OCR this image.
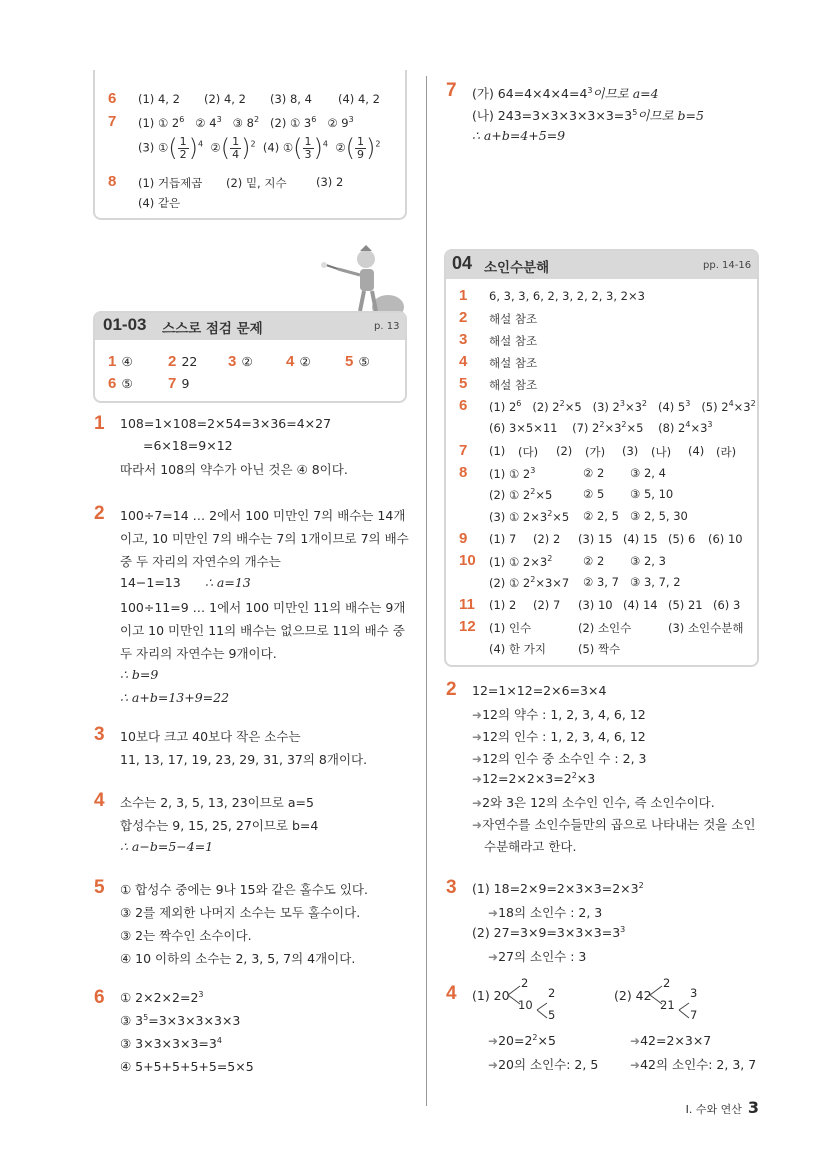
6 (1) 4, 2 (2) 4, 2 (3) 8, 4 (4) 4, 2
7 (1) ① $2^6$ ② $4^3$ ③ $8^2$ (2) ① $3^6$ ② $9^3$
(3) ①( $\frac{1}{2} )^4$ ②( $\frac{1}{4} )^2$ (4) ①( $\frac{1}{3} )^4$ ②( $\frac{1}{9} )^2$
8 (1) 거듭제곱 (2) 밑, 지수	(3) 2
(4) 같은
01-03 스스로 점검 문제	p. 13
1 ④ 2 22 3 ② 4 ② 5 ⑤
6 ⑤ 7 9
1 108=1×108=2×54=3×36=4×27
=6×18=9×12
따라서 108의 약수가 아닌 것은 ④ 8이다.
2 100÷7=14 … 2에서 100 미만인 7의 배수는 14개
이고, 10 미만인 7의 배수는 7의 1개이므로 7의 배수
중 두 자리의 자연수의 개수는
14−1=13 ∴ a=13
100÷11=9 … 1에서 100 미만인 11의 배수는 9개
이고 10 미만인 11의 배수는 없으므로 11의 배수 중
두 자리의 자연수는 9개이다.
∴ b=9
∴ a+b=13+9=22
3 10보다 크고 40보다 작은 소수는
11, 13, 17, 19, 23, 29, 31, 37의 8개이다.
4 소수는 2, 3, 5, 13, 23이므로 a=5
합성수는 9, 15, 25, 27이므로 b=4
∴ a−b=5−4=1
5 ① 합성수 중에는 9나 15와 같은 홀수도 있다.
③ 2를 제외한 나머지 소수는 모두 홀수이다.
③ 2는 짝수인 소수이다.
④ 10 이하의 소수는 2, 3, 5, 7의 4개이다.
6 ① $2\times 2\times 2=2^3$
③ $3^5=3\times 3\times 3\times 3\times 3$
③ $3\times 3\times 3\times 3=3^4$
④ 5+5+5+5+5=5×5
7 (가) $64=4\times 4\times 4=4^3$이므로 a=4
(나) $243=3\times 3\times 3\times 3\times 3=3^5$이므로 b=5
∴ a+b=4+5=9
04 소인수분해	pp. 14-16
1 6, 3, 3, 6, 2, 3, 2, 2, 3, 2×3
2 해설 참조
3 해설 참조
4 해설 참조
5 해설 참조
6 (1) $2^6$ (2) $2^2\times 5$ (3) $2^3\times 3^2$ (4) $5^3$ (5) $2^4\times 3^2$
(6) 3×5×11 (7) $2^2\times 3^2\times 5$ (8) $2^4\times 3^3$
7 (1) (다) (2) (가) (3) (나) (4) (라)
8 (1) ① $2^3$	② 2 ③ 2, 4
(2) ① $2^2\times 5$	② 5 ③ 5, 10
(3) ① $2\times 3^2\times 5$ ② 2, 5 ③ 2, 5, 30
9 (1) 7 (2) 2 (3) 15 (4) 15 (5) 6 (6) 10
10 (1) ① $2\times 3^2$	② 2 ③ 2, 3
(2) ① $2^2\times 3\times 7$ ② 3, 7 ③ 3, 7, 2
11 (1) 2 (2) 7 (3) 10 (4) 14 (5) 21 (6) 3
12 (1) 인수	(2) 소인수	(3) 소인수분해
(4) 한 가지	(5) 짝수
2 12=1×12=2×6=3×4
➜12의 약수 : 1, 2, 3, 4, 6, 12
➜12의 인수 : 1, 2, 3, 4, 6, 12
➜12의 인수 중 소수인 수 : 2, 3
$➜12=2\times 2\times 3=2^2\times 3$
➜2와 3은 12의 소수인 인수, 즉 소인수이다.
➜자연수를 소인수들만의 곱으로 나타내는 것을 소인
수분해라고 한다.
3 (1) $18=2\times 9=2\times 3\times 3=2\times 3^2$
➜18의 소인수 : 2, 3
(2) $27=3\times 9=3\times 3\times 3=3^3$
➜27의 소인수 : 3
4 (1) 20
2
10
2
5
(2) 42
2
21
3
7
$➜20=2^2\times 5$
➜20의 소인수: 2, 5
➜42=2×3×7
➜42의 소인수: 2, 3, 7
I. 수와 연산 3
